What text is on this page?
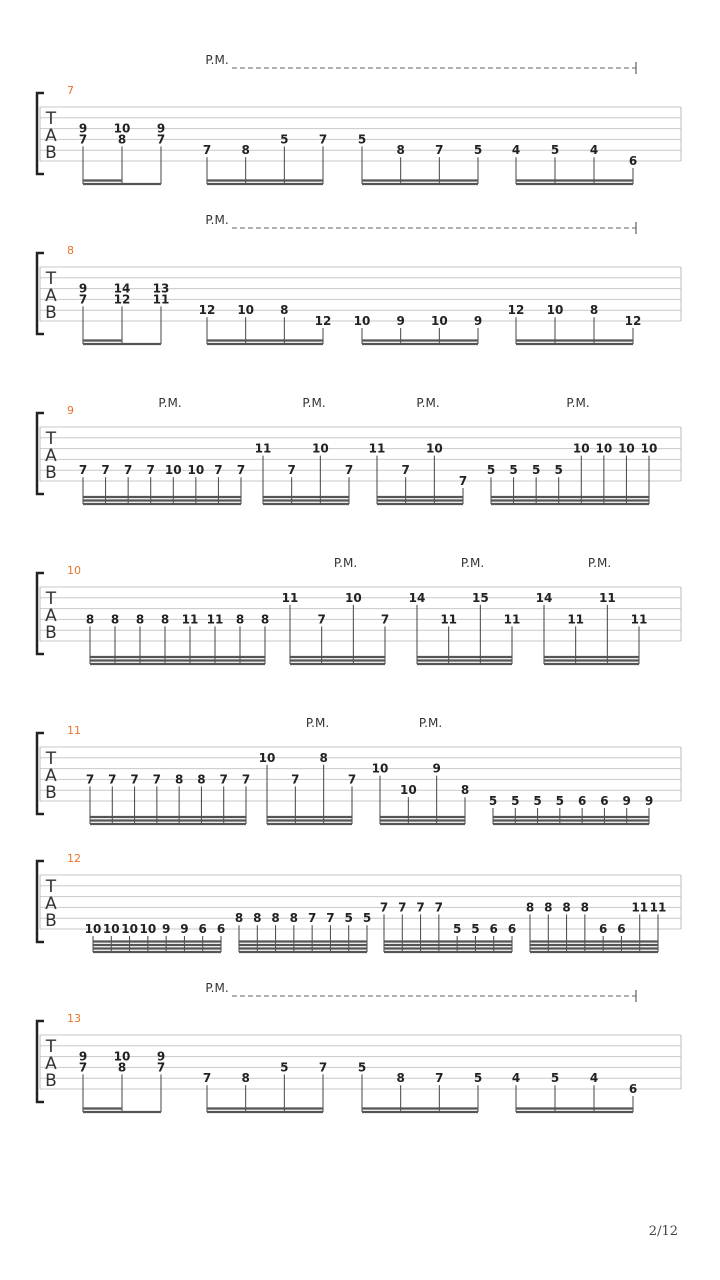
T
A
B
7
9
7
10
8
9
7
7	8
5	7	5
8	7	5 4	5	4
6
P.M.
T
A
B
8
9
7
14
12
13
11
12 10 8
12 10 9 10 9
12 10 8
12
P.M.
T
A
B
9
7 7 7 7 10 10 7 7
11
7
10
7
11
7
10
7
5 5 5 5
10 10 10 10
P.M.	P.M.	P.M.	P.M.
T
A
B
10
8 8 8 8 11 11 8 8
11
7
10
7
14
11
15
11
14
11
11
11
P.M.	P.M.	P.M.
T
A
B
11
7 7 7 7 8 8 7 7
10
7
8
7
10
10
9
8
5 5 5 5 6 6 9 9
P.M.	P.M.
T
A
B
12
10 10 10 10 9 9 6 6
8 8 8 8 7 7 5 5
7 7 7 7
5 5 6 6
8 8 8 8
6 6
11 11
T
A
B
13
9
7
10
8
9
7
7	8
5	7	5
8	7	5 4	5	4
6
P.M.
2/12
